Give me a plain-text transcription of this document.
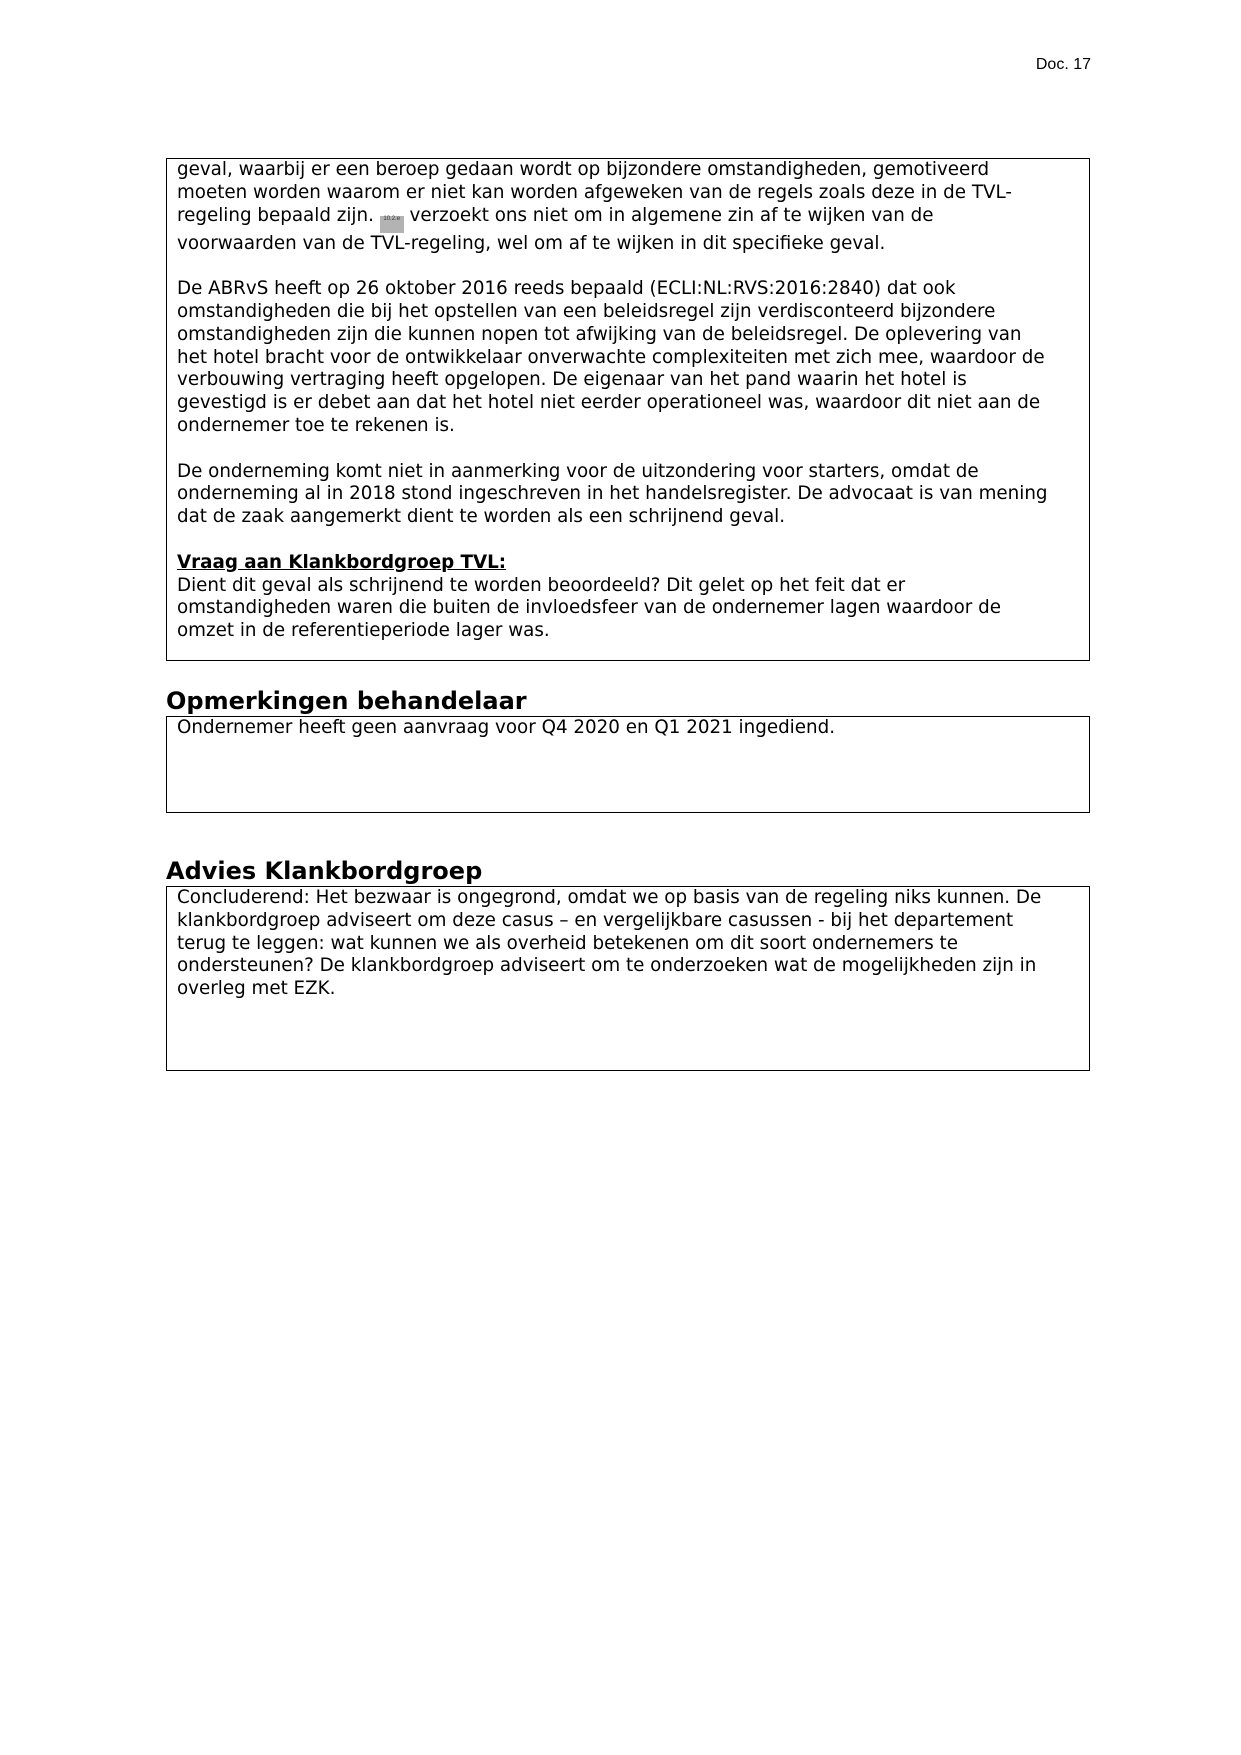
Doc. 17

geval, waarbij er een beroep gedaan wordt op bijzondere omstandigheden, gemotiveerd
moeten worden waarom er niet kan worden afgeweken van de regels zoals deze in de TVL-
regeling bepaald zijn. 10.2.e verzoekt ons niet om in algemene zin af te wijken van de
voorwaarden van de TVL-regeling, wel om af te wijken in dit specifieke geval.

De ABRvS heeft op 26 oktober 2016 reeds bepaald (ECLI:NL:RVS:2016:2840) dat ook
omstandigheden die bij het opstellen van een beleidsregel zijn verdisconteerd bijzondere
omstandigheden zijn die kunnen nopen tot afwijking van de beleidsregel. De oplevering van
het hotel bracht voor de ontwikkelaar onverwachte complexiteiten met zich mee, waardoor de
verbouwing vertraging heeft opgelopen. De eigenaar van het pand waarin het hotel is
gevestigd is er debet aan dat het hotel niet eerder operationeel was, waardoor dit niet aan de
ondernemer toe te rekenen is.

De onderneming komt niet in aanmerking voor de uitzondering voor starters, omdat de
onderneming al in 2018 stond ingeschreven in het handelsregister. De advocaat is van mening
dat de zaak aangemerkt dient te worden als een schrijnend geval.

Vraag aan Klankbordgroep TVL:
Dient dit geval als schrijnend te worden beoordeeld? Dit gelet op het feit dat er
omstandigheden waren die buiten de invloedsfeer van de ondernemer lagen waardoor de
omzet in de referentieperiode lager was.

Opmerkingen behandelaar

Ondernemer heeft geen aanvraag voor Q4 2020 en Q1 2021 ingediend.

Advies Klankbordgroep

Concluderend: Het bezwaar is ongegrond, omdat we op basis van de regeling niks kunnen. De
klankbordgroep adviseert om deze casus – en vergelijkbare casussen - bij het departement
terug te leggen: wat kunnen we als overheid betekenen om dit soort ondernemers te
ondersteunen? De klankbordgroep adviseert om te onderzoeken wat de mogelijkheden zijn in
overleg met EZK.
